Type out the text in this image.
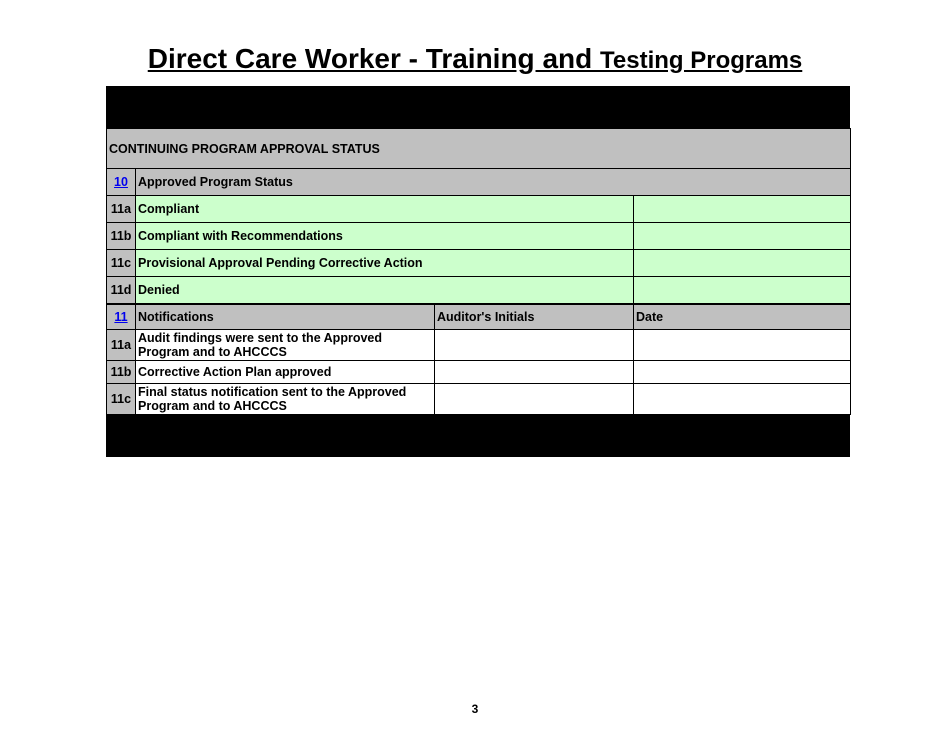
Direct Care Worker - Training and Testing Programs
CONTINUING PROGRAM APPROVAL STATUS			
10	Approved Program Status		
11a	Compliant		
11b	Compliant with Recommendations		
11c	Provisional Approval Pending Corrective Action		
11d	Denied		
11	Notifications	Auditor's Initials	Date
11a	Audit findings were sent to the Approved Program and to AHCCCS		
11b	Corrective Action Plan approved		
11c	Final status notification sent to the Approved Program and to AHCCCS		
3
